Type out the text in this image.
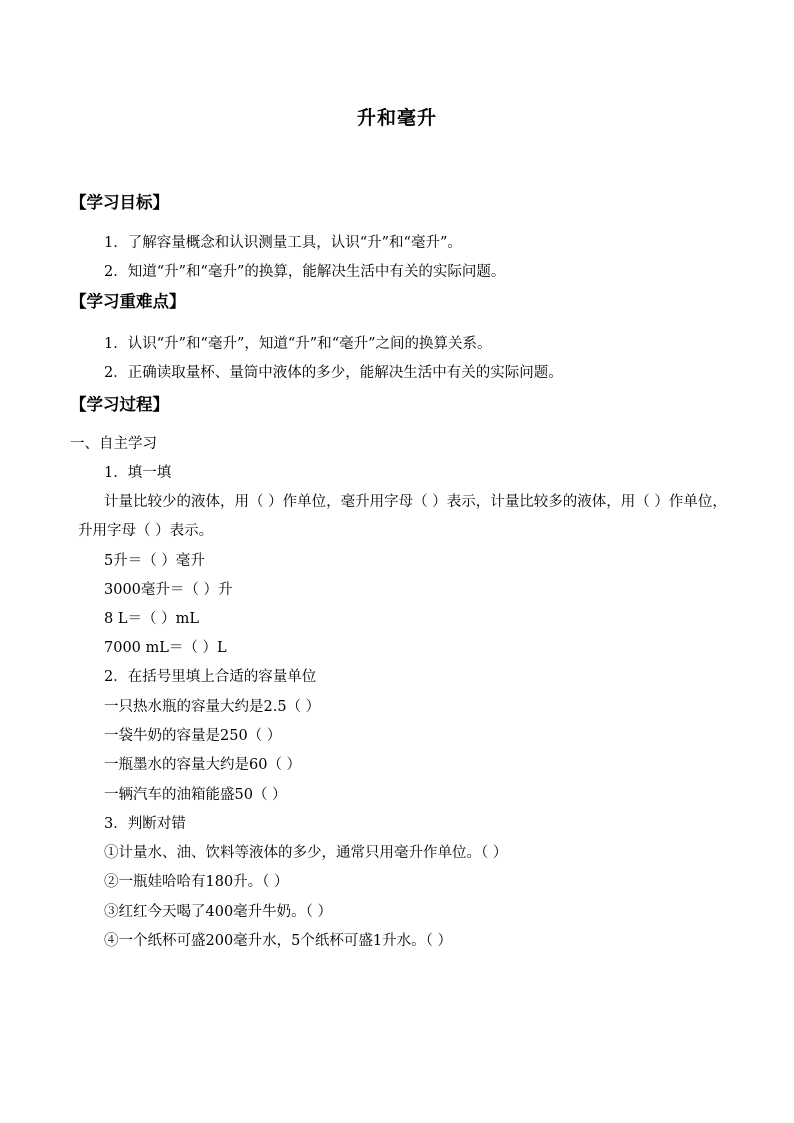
升和毫升
【学习目标】
1．了解容量概念和认识测量工具，认识“升”和“毫升”。
2．知道“升”和“毫升”的换算，能解决生活中有关的实际问题。
【学习重难点】
1．认识“升”和“毫升”，知道“升”和“毫升”之间的换算关系。
2．正确读取量杯、量筒中液体的多少，能解决生活中有关的实际问题。
【学习过程】
一、自主学习
1．填一填
计量比较少的液体，用（ ）作单位，毫升用字母（ ）表示，计量比较多的液体，用（ ）作单位，升用字母（ ）表示。
5升＝（ ）毫升
3000毫升＝（ ）升
8 L＝（ ）mL
7000 mL＝（ ）L
2．在括号里填上合适的容量单位
一只热水瓶的容量大约是2.5（ ）
一袋牛奶的容量是250（ ）
一瓶墨水的容量大约是60（ ）
一辆汽车的油箱能盛50（ ）
3．判断对错
①计量水、油、饮料等液体的多少，通常只用毫升作单位。（ ）
②一瓶娃哈哈有180升。（ ）
③红红今天喝了400毫升牛奶。（ ）
④一个纸杯可盛200毫升水，5个纸杯可盛1升水。（ ）
